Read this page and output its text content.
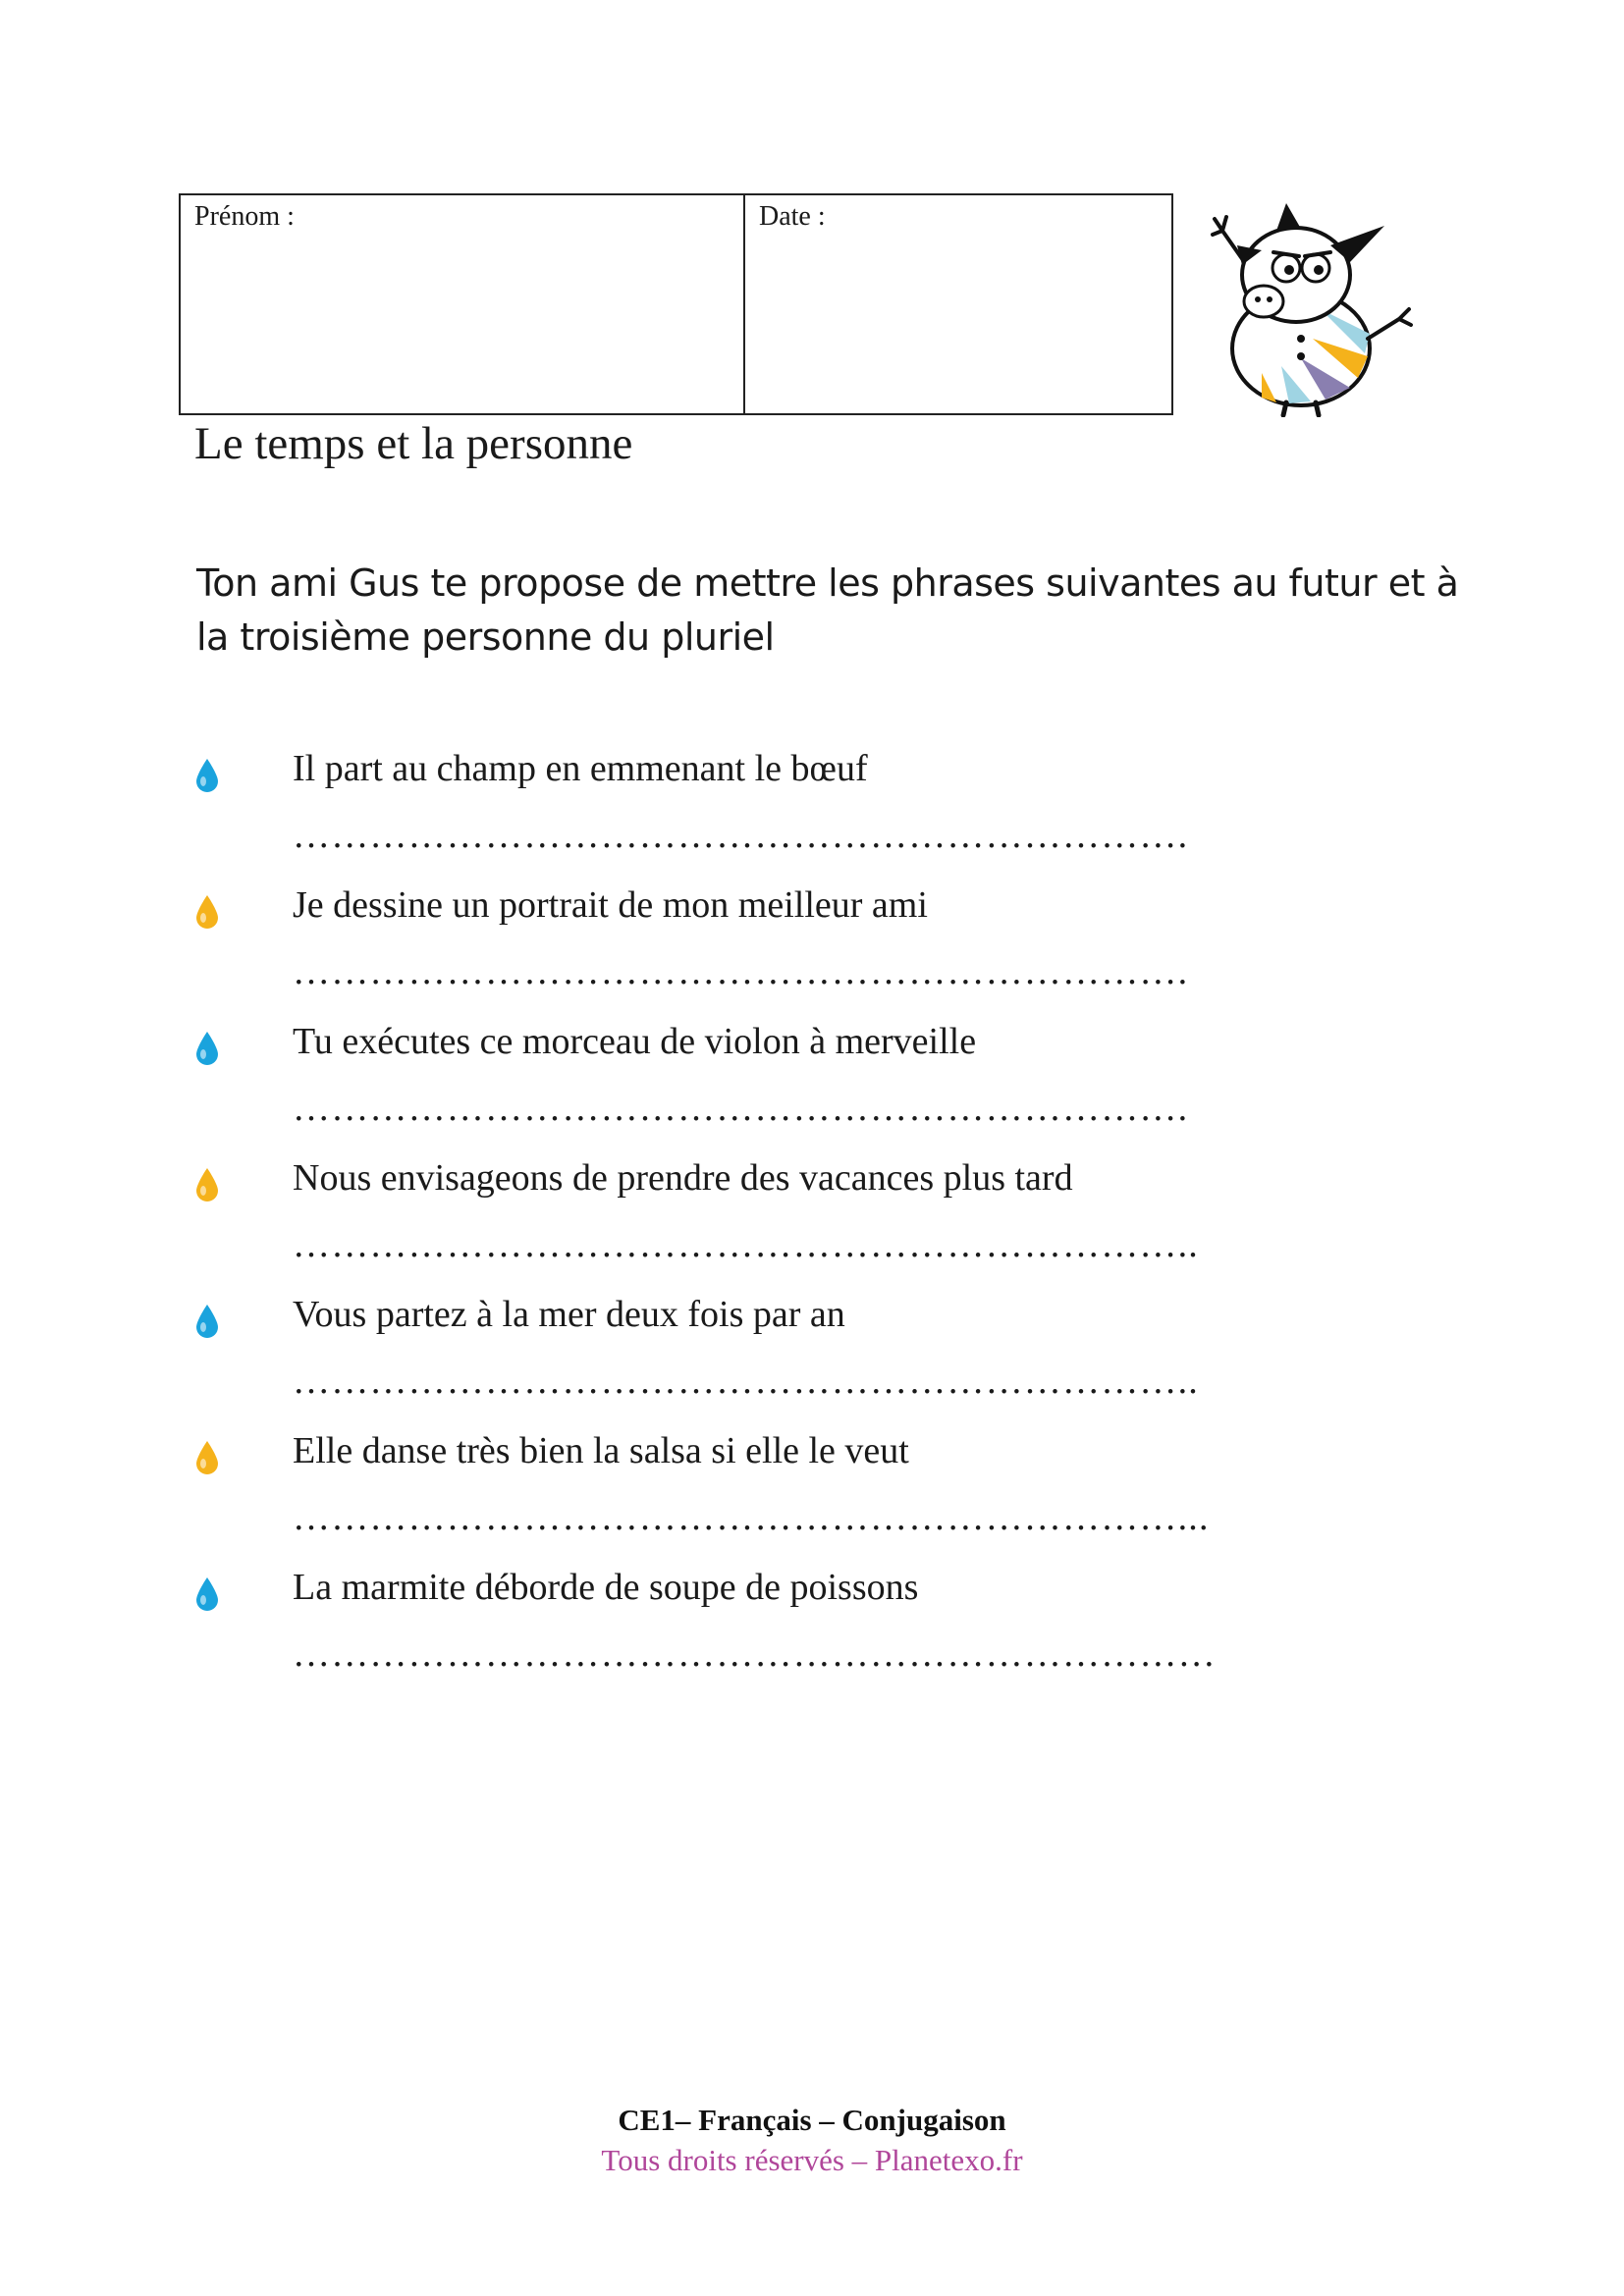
Prénom :	Date :
Le temps et la personne
Ton ami Gus te propose de mettre les phrases suivantes au futur et à la troisième personne du pluriel
Il part au champ en emmenant le bœuf
…………………………………………………………….
Je dessine un portrait de mon meilleur ami
…………………………………………………………….
Tu exécutes ce morceau de violon à merveille
…………………………………………………………….
Nous envisageons de prendre des vacances plus tard
……………………………………………………………..
Vous partez à la mer deux fois par an
……………………………………………………………..
Elle danse très bien la salsa si elle le veut
……………………………………………………………...
La marmite déborde de soupe de poissons
………………………………………………………………
CE1– Français – Conjugaison
Tous droits réservés – Planetexo.fr
